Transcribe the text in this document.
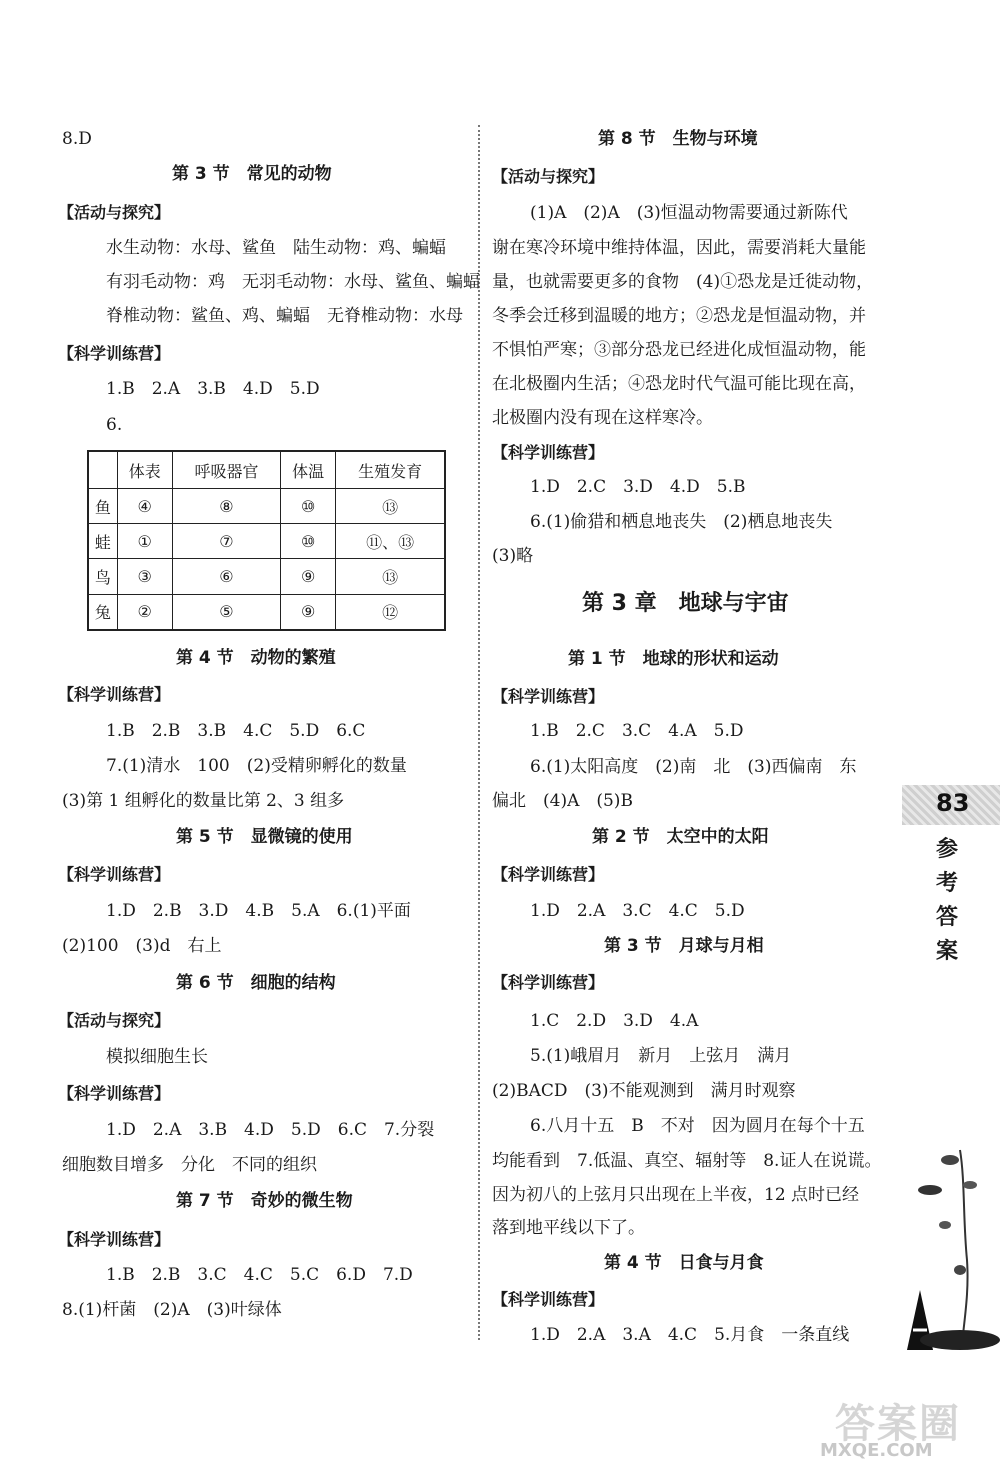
8.D
第 3 节　常见的动物
【活动与探究】
水生动物：水母、鲨鱼　陆生动物：鸡、蝙蝠
有羽毛动物：鸡　无羽毛动物：水母、鲨鱼、蝙蝠
脊椎动物：鲨鱼、鸡、蝙蝠　无脊椎动物：水母
【科学训练营】
1.B　2.A　3.B　4.D　5.D
6.
	体表	呼吸器官	体温	生殖发育
鱼	④	⑧	⑩	⑬
蛙	①	⑦	⑩	⑪、⑬
鸟	③	⑥	⑨	⑬
兔	②	⑤	⑨	⑫
第 4 节　动物的繁殖
【科学训练营】
1.B　2.B　3.B　4.C　5.D　6.C
7.(1)清水　100　(2)受精卵孵化的数量
(3)第 1 组孵化的数量比第 2、3 组多
第 5 节　显微镜的使用
【科学训练营】
1.D　2.B　3.D　4.B　5.A　6.(1)平面
(2)100　(3)d　右上
第 6 节　细胞的结构
【活动与探究】
模拟细胞生长
【科学训练营】
1.D　2.A　3.B　4.D　5.D　6.C　7.分裂
细胞数目增多　分化　不同的组织
第 7 节　奇妙的微生物
【科学训练营】
1.B　2.B　3.C　4.C　5.C　6.D　7.D
8.(1)杆菌　(2)A　(3)叶绿体
第 8 节　生物与环境
【活动与探究】
(1)A　(2)A　(3)恒温动物需要通过新陈代
谢在寒冷环境中维持体温，因此，需要消耗大量能
量，也就需要更多的食物　(4)①恐龙是迁徙动物，
冬季会迁移到温暖的地方；②恐龙是恒温动物，并
不惧怕严寒；③部分恐龙已经进化成恒温动物，能
在北极圈内生活；④恐龙时代气温可能比现在高，
北极圈内没有现在这样寒冷。
【科学训练营】
1.D　2.C　3.D　4.D　5.B
6.(1)偷猎和栖息地丧失　(2)栖息地丧失
(3)略
第 3 章　地球与宇宙
第 1 节　地球的形状和运动
【科学训练营】
1.B　2.C　3.C　4.A　5.D
6.(1)太阳高度　(2)南　北　(3)西偏南　东
偏北　(4)A　(5)B
第 2 节　太空中的太阳
【科学训练营】
1.D　2.A　3.C　4.C　5.D
第 3 节　月球与月相
【科学训练营】
1.C　2.D　3.D　4.A
5.(1)峨眉月　新月　上弦月　满月
(2)BACD　(3)不能观测到　满月时观察
6.八月十五　B　不对　因为圆月在每个十五
均能看到　7.低温、真空、辐射等　8.证人在说谎。
因为初八的上弦月只出现在上半夜，12 点时已经
落到地平线以下了。
第 4 节　日食与月食
【科学训练营】
1.D　2.A　3.A　4.C　5.月食　一条直线
83
参
考
答
案
答案圈
MXQE.COM
